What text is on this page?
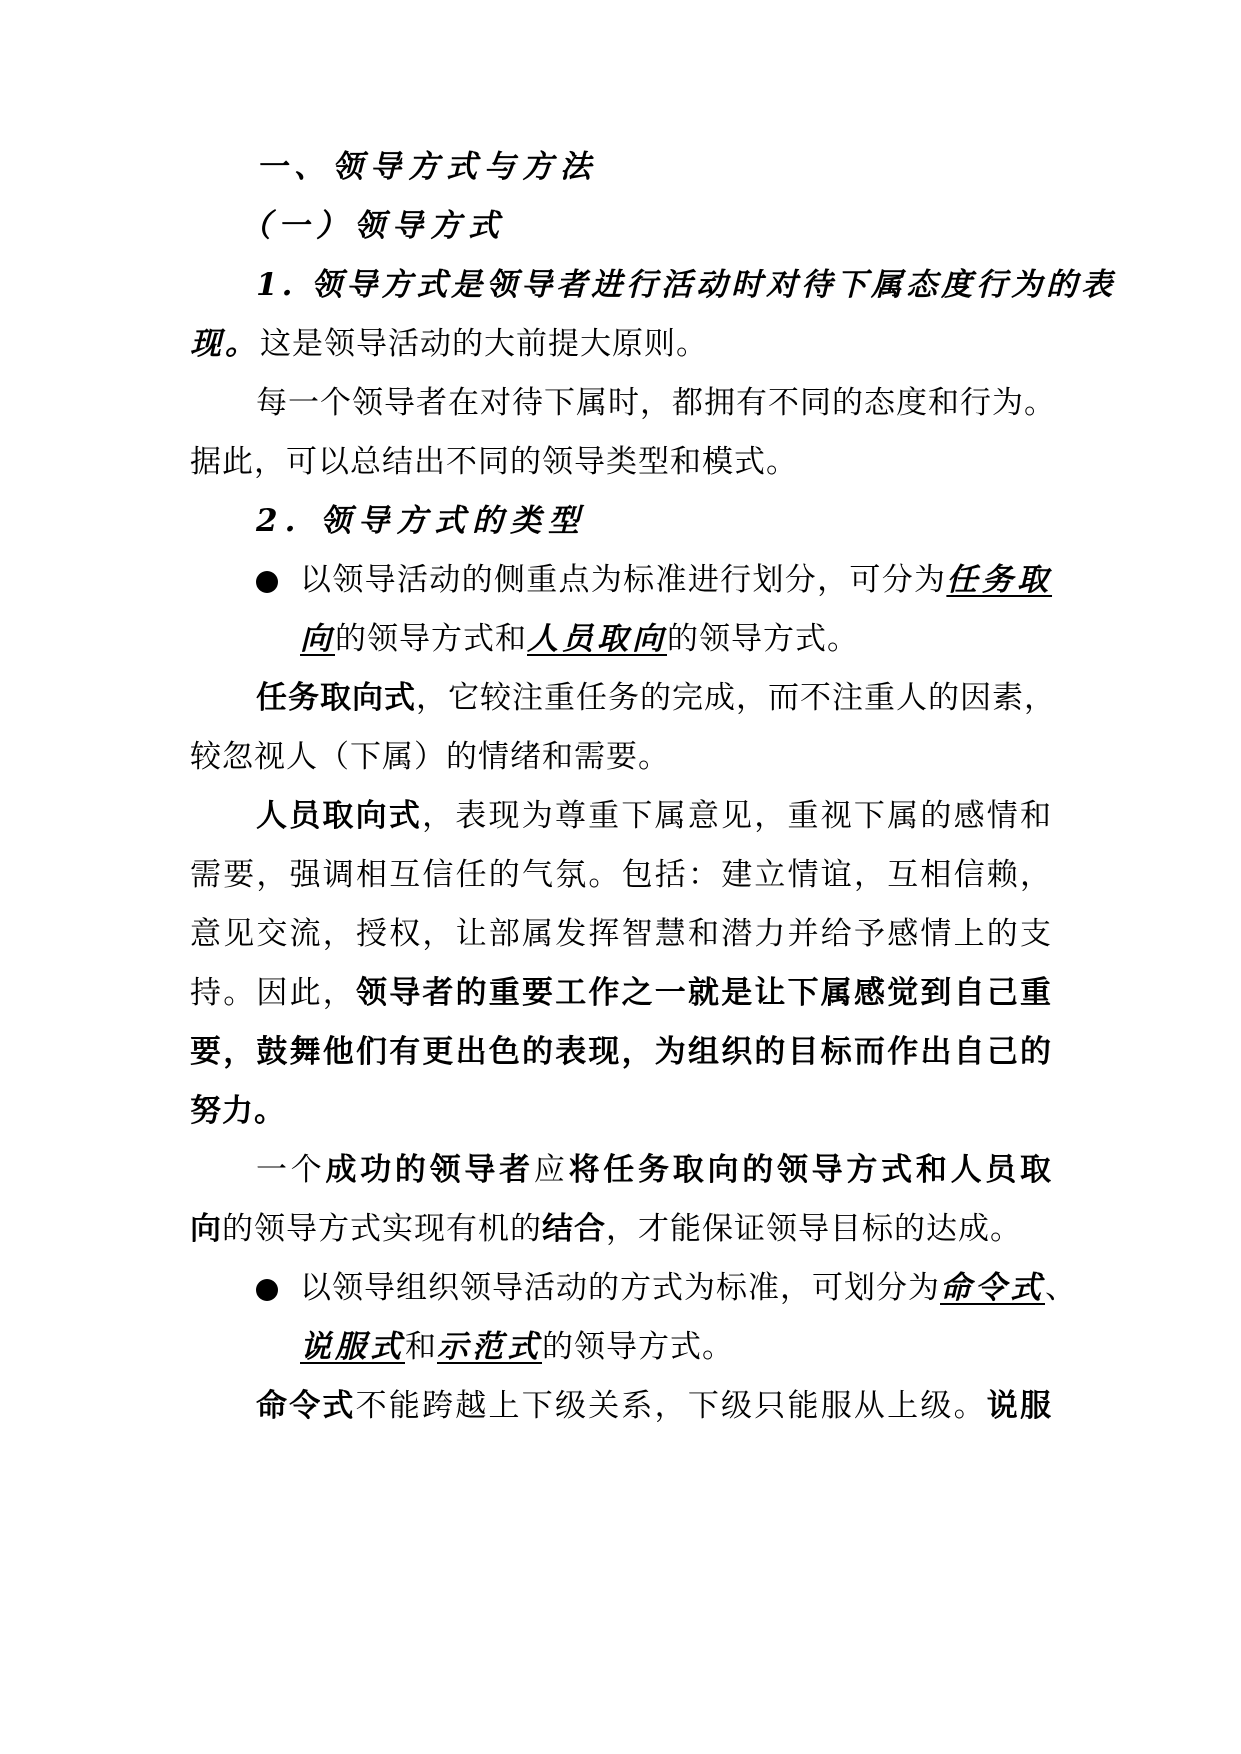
一、领导方式与方法
（一）领导方式
1. 领导方式是领导者进行活动时对待下属态度行为的表
现。这是领导活动的大前提大原则。
每一个领导者在对待下属时，都拥有不同的态度和行为。
据此，可以总结出不同的领导类型和模式。
2. 领导方式的类型
以领导活动的侧重点为标准进行划分，可分为任务取
向的领导方式和人员取向的领导方式。
任务取向式，它较注重任务的完成，而不注重人的因素，
较忽视人（下属）的情绪和需要。
人员取向式，表现为尊重下属意见，重视下属的感情和
需要，强调相互信任的气氛。包括：建立情谊，互相信赖，
意见交流，授权，让部属发挥智慧和潜力并给予感情上的支
持。因此，领导者的重要工作之一就是让下属感觉到自己重
要，鼓舞他们有更出色的表现，为组织的目标而作出自己的
努力。
一个成功的领导者应将任务取向的领导方式和人员取
向的领导方式实现有机的结合，才能保证领导目标的达成。
以领导组织领导活动的方式为标准，可划分为命令式、
说服式和示范式的领导方式。
命令式不能跨越上下级关系，下级只能服从上级。说服
